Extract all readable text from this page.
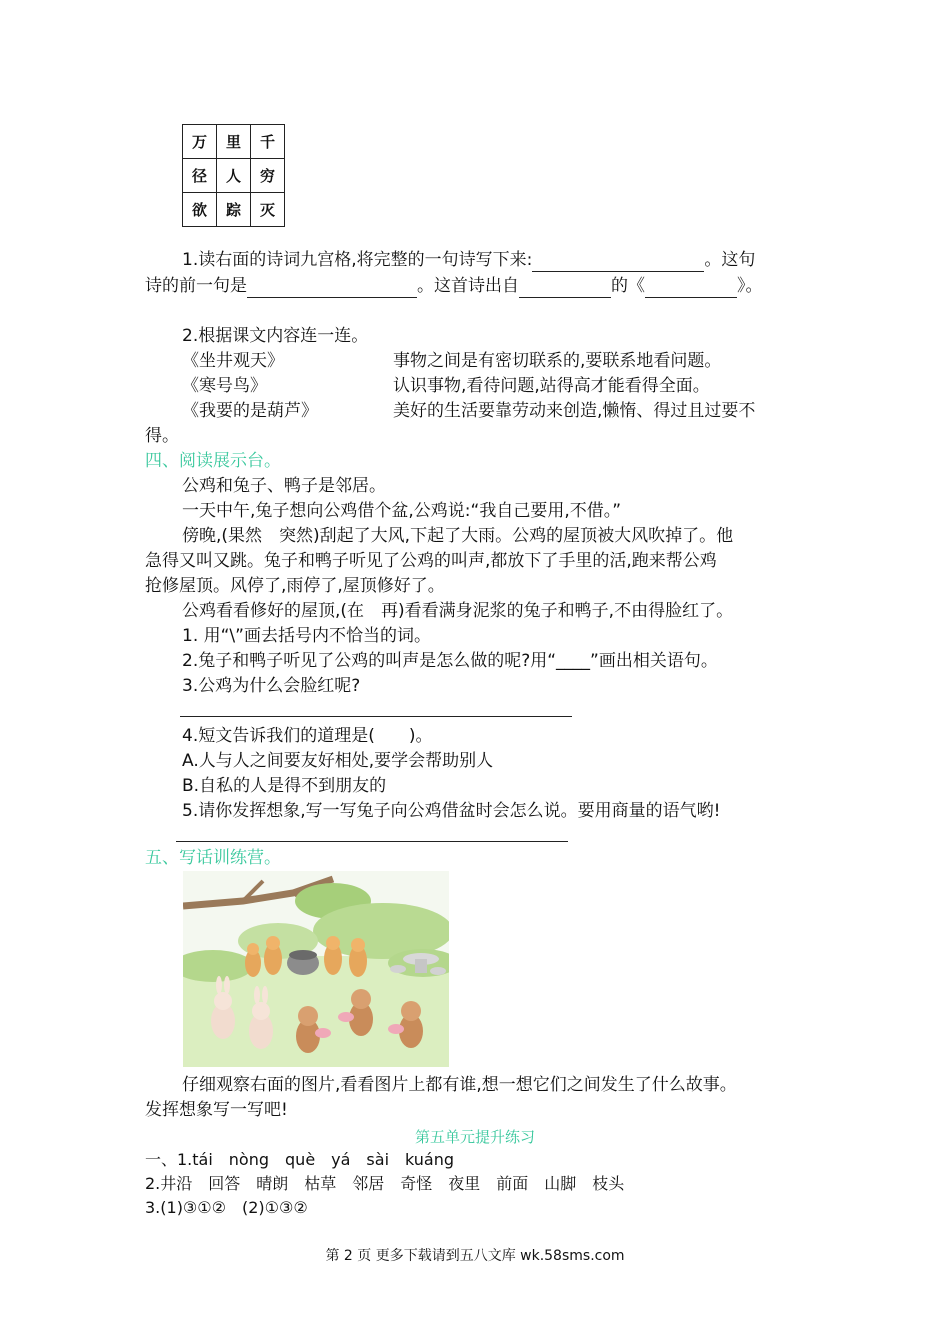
万	里	千
径	人	穷
欲	踪	灭
1.读右面的诗词九宫格,将完整的一句诗写下来:	。这句
诗的前一句是	。这首诗出自	的《	》。
2.根据课文内容连一连。
《坐井观天》	事物之间是有密切联系的,要联系地看问题。
《寒号鸟》	认识事物,看待问题,站得高才能看得全面。
《我要的是葫芦》	美好的生活要靠劳动来创造,懒惰、得过且过要不
得。
四、阅读展示台。
公鸡和兔子、鸭子是邻居。
一天中午,兔子想向公鸡借个盆,公鸡说:“我自己要用,不借。”
傍晚,(果然　突然)刮起了大风,下起了大雨。公鸡的屋顶被大风吹掉了。他
急得又叫又跳。兔子和鸭子听见了公鸡的叫声,都放下了手里的活,跑来帮公鸡
抢修屋顶。风停了,雨停了,屋顶修好了。
公鸡看看修好的屋顶,(在　再)看看满身泥浆的兔子和鸭子,不由得脸红了。
1. 用“\”画去括号内不恰当的词。
2.兔子和鸭子听见了公鸡的叫声是怎么做的呢?用“____”画出相关语句。
3.公鸡为什么会脸红呢?
4.短文告诉我们的道理是(　　)。
A.人与人之间要友好相处,要学会帮助别人
B.自私的人是得不到朋友的
5.请你发挥想象,写一写兔子向公鸡借盆时会怎么说。要用商量的语气哟!
五、写话训练营。
仔细观察右面的图片,看看图片上都有谁,想一想它们之间发生了什么故事。
发挥想象写一写吧!
第五单元提升练习
一、1.tái　nòng　què　yá　sài　kuáng
2.井沿　回答　晴朗　枯草　邻居　奇怪　夜里　前面　山脚　枝头
3.(1)③①②　(2)①③②
第 2 页 更多下载请到五八文库 wk.58sms.com
